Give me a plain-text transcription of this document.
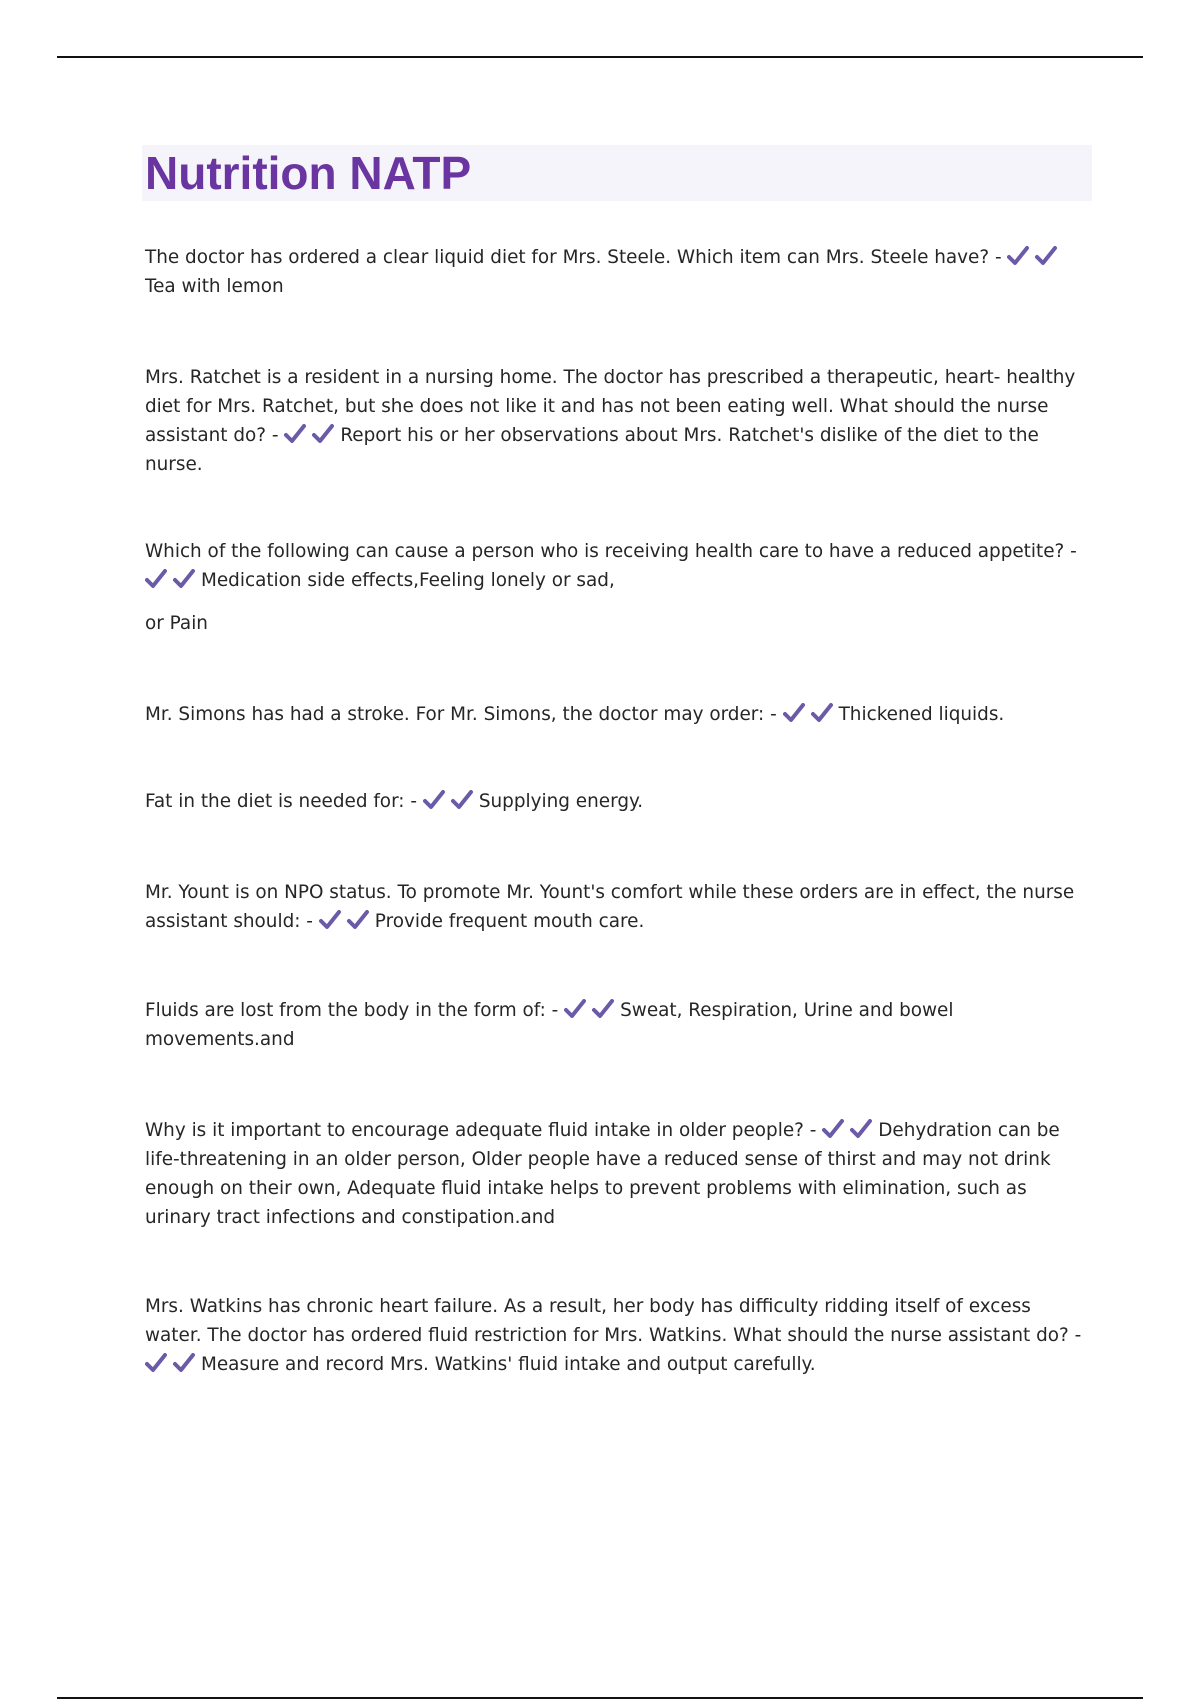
Nutrition NATP

The doctor has ordered a clear liquid diet for Mrs. Steele. Which item can Mrs. Steele have? - Tea with lemon

Mrs. Ratchet is a resident in a nursing home. The doctor has prescribed a therapeutic, heart- healthy diet for Mrs. Ratchet, but she does not like it and has not been eating well. What should the nurse assistant do? -	Report his or her observations about Mrs. Ratchet's dislike of the diet to the nurse.

Which of the following can cause a person who is receiving health care to have a reduced appetite? - Medication side effects,Feeling lonely or sad,
or Pain

Mr. Simons has had a stroke. For Mr. Simons, the doctor may order: -	Thickened liquids.

Fat in the diet is needed for: -	Supplying energy.

Mr. Yount is on NPO status. To promote Mr. Yount's comfort while these orders are in effect, the nurse assistant should: -	Provide frequent mouth care.

Fluids are lost from the body in the form of: -	Sweat, Respiration, Urine and bowel movements.and

Why is it important to encourage adequate fluid intake in older people? -	Dehydration can be life-threatening in an older person, Older people have a reduced sense of thirst and may not drink enough on their own, Adequate fluid intake helps to prevent problems with elimination, such as urinary tract infections and constipation.and

Mrs. Watkins has chronic heart failure. As a result, her body has difficulty ridding itself of excess water. The doctor has ordered fluid restriction for Mrs. Watkins. What should the nurse assistant do? - Measure and record Mrs. Watkins' fluid intake and output carefully.
